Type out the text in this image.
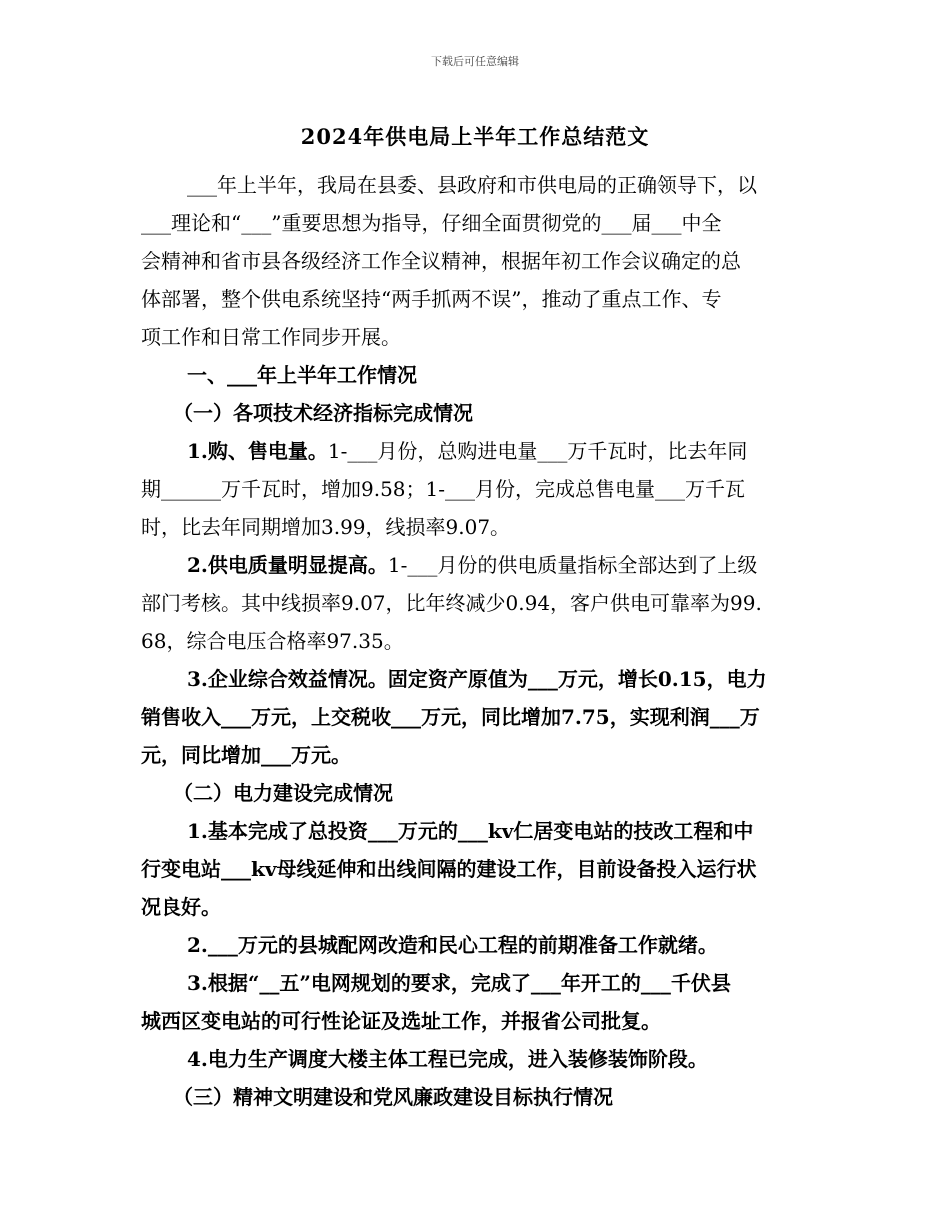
下载后可任意编辑
2024年供电局上半年工作总结范文
___年上半年，我局在县委、县政府和市供电局的正确领导下，以
___理论和“___”重要思想为指导，仔细全面贯彻党的___届___中全
会精神和省市县各级经济工作全议精神，根据年初工作会议确定的总
体部署，整个供电系统坚持“两手抓两不误”，推动了重点工作、专
项工作和日常工作同步开展。
一、___年上半年工作情况
（一）各项技术经济指标完成情况
1.购、售电量。1-___月份，总购进电量___万千瓦时，比去年同
期______万千瓦时，增加9.58；1-___月份，完成总售电量___万千瓦
时，比去年同期增加3.99，线损率9.07。
2.供电质量明显提高。1-___月份的供电质量指标全部达到了上级
部门考核。其中线损率9.07，比年终减少0.94，客户供电可靠率为99.
68，综合电压合格率97.35。
3.企业综合效益情况。固定资产原值为___万元，增长0.15，电力
销售收入___万元，上交税收___万元，同比增加7.75，实现利润___万
元，同比增加___万元。
（二）电力建设完成情况
1.基本完成了总投资___万元的___kv仁居变电站的技改工程和中
行变电站___kv母线延伸和出线间隔的建设工作，目前设备投入运行状
况良好。
2.___万元的县城配网改造和民心工程的前期准备工作就绪。
3.根据“__五”电网规划的要求，完成了___年开工的___千伏县
城西区变电站的可行性论证及选址工作，并报省公司批复。
4.电力生产调度大楼主体工程已完成，进入装修装饰阶段。
（三）精神文明建设和党风廉政建设目标执行情况
